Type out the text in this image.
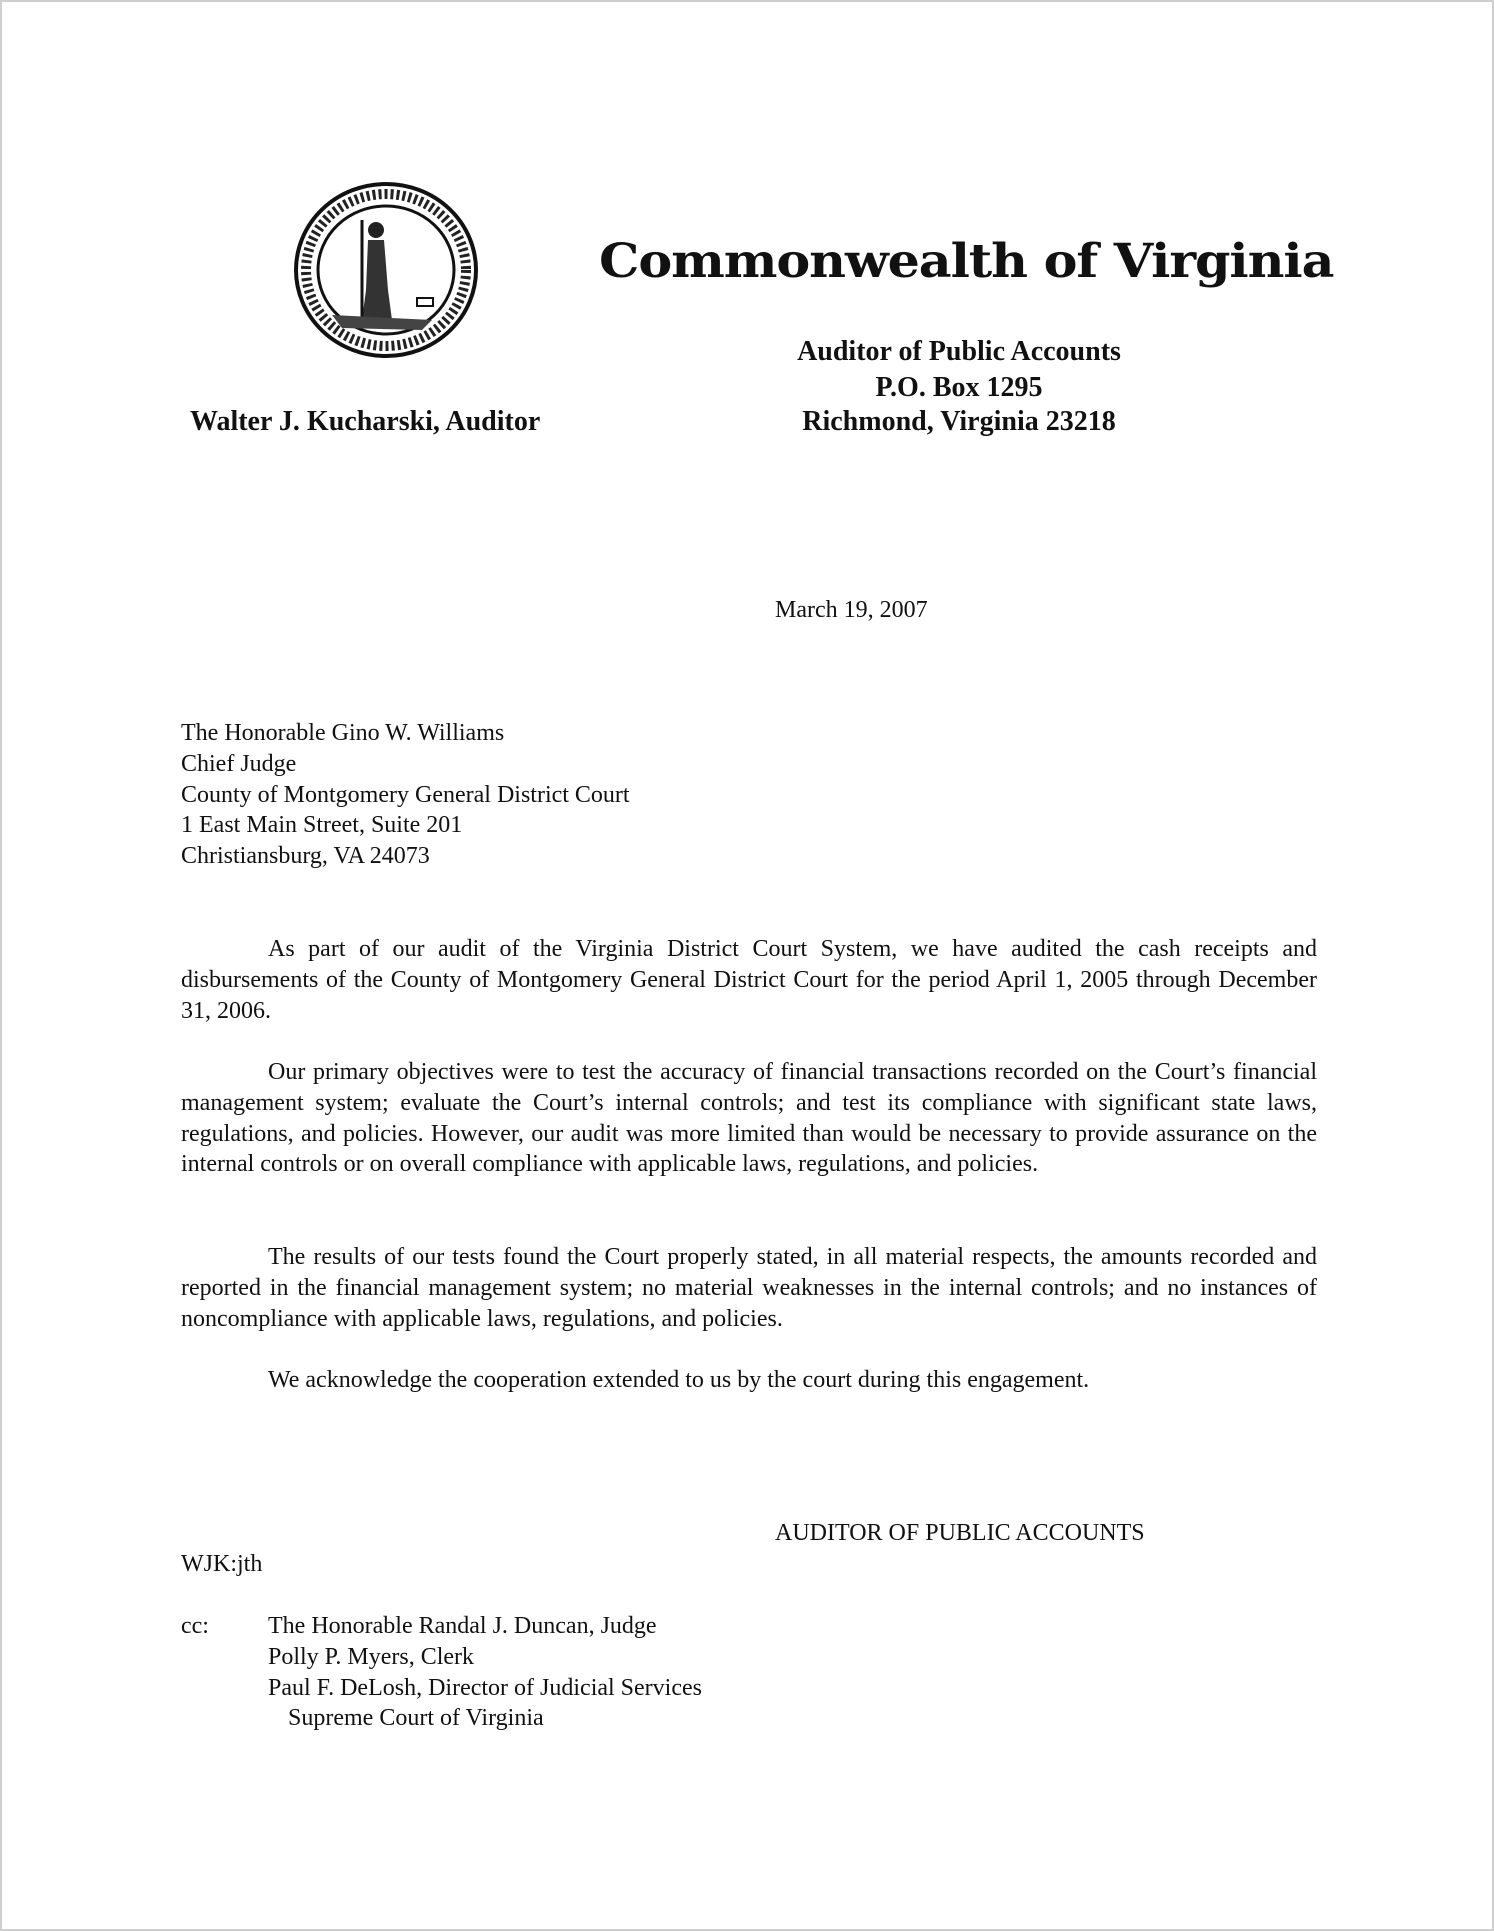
Commonwealth of Virginia
Auditor of Public Accounts
P.O. Box 1295
Richmond, Virginia 23218
Walter J. Kucharski, Auditor
March 19, 2007
The Honorable Gino W. Williams
Chief Judge
County of Montgomery General District Court
1 East Main Street, Suite 201
Christiansburg, VA 24073

As part of our audit of the Virginia District Court System, we have audited the cash receipts and disbursements of the County of Montgomery General District Court for the period April 1, 2005 through December 31, 2006.

Our primary objectives were to test the accuracy of financial transactions recorded on the Court’s financial management system; evaluate the Court’s internal controls; and test its compliance with significant state laws, regulations, and policies. However, our audit was more limited than would be necessary to provide assurance on the internal controls or on overall compliance with applicable laws, regulations, and policies.

The results of our tests found the Court properly stated, in all material respects, the amounts recorded and reported in the financial management system; no material weaknesses in the internal controls; and no instances of noncompliance with applicable laws, regulations, and policies.

We acknowledge the cooperation extended to us by the court during this engagement.

AUDITOR OF PUBLIC ACCOUNTS
WJK:jth
cc: The Honorable Randal J. Duncan, Judge
Polly P. Myers, Clerk
Paul F. DeLosh, Director of Judicial Services
Supreme Court of Virginia
